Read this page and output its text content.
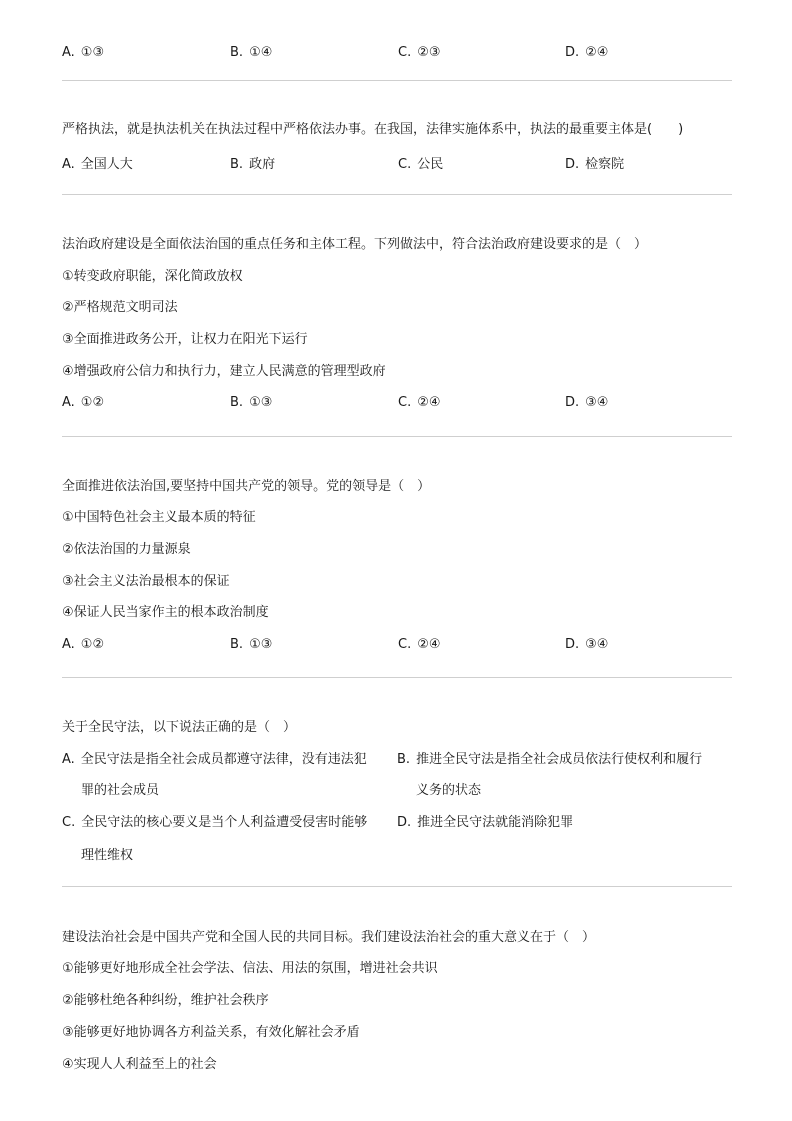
A. ①③	B. ①④	C. ②③	D. ②④
严格执法，就是执法机关在执法过程中严格依法办事。在我国，法律实施体系中，执法的最重要主体是(　　)
A. 全国人大	B. 政府	C. 公民	D. 检察院
法治政府建设是全面依法治国的重点任务和主体工程。下列做法中，符合法治政府建设要求的是（　）
①转变政府职能，深化简政放权
②严格规范文明司法
③全面推进政务公开，让权力在阳光下运行
④增强政府公信力和执行力，建立人民满意的管理型政府
A. ①②	B. ①③	C. ②④	D. ③④
全面推进依法治国,要坚持中国共产党的领导。党的领导是（　）
①中国特色社会主义最本质的特征
②依法治国的力量源泉
③社会主义法治最根本的保证
④保证人民当家作主的根本政治制度
A. ①②	B. ①③	C. ②④	D. ③④
关于全民守法，以下说法正确的是（　）
A. 全民守法是指全社会成员都遵守法律，没有违法犯
罪的社会成员
B. 推进全民守法是指全社会成员依法行使权利和履行
义务的状态
C. 全民守法的核心要义是当个人利益遭受侵害时能够
理性维权
D. 推进全民守法就能消除犯罪
建设法治社会是中国共产党和全国人民的共同目标。我们建设法治社会的重大意义在于（　）
①能够更好地形成全社会学法、信法、用法的氛围，增进社会共识
②能够杜绝各种纠纷，维护社会秩序
③能够更好地协调各方利益关系，有效化解社会矛盾
④实现人人利益至上的社会
